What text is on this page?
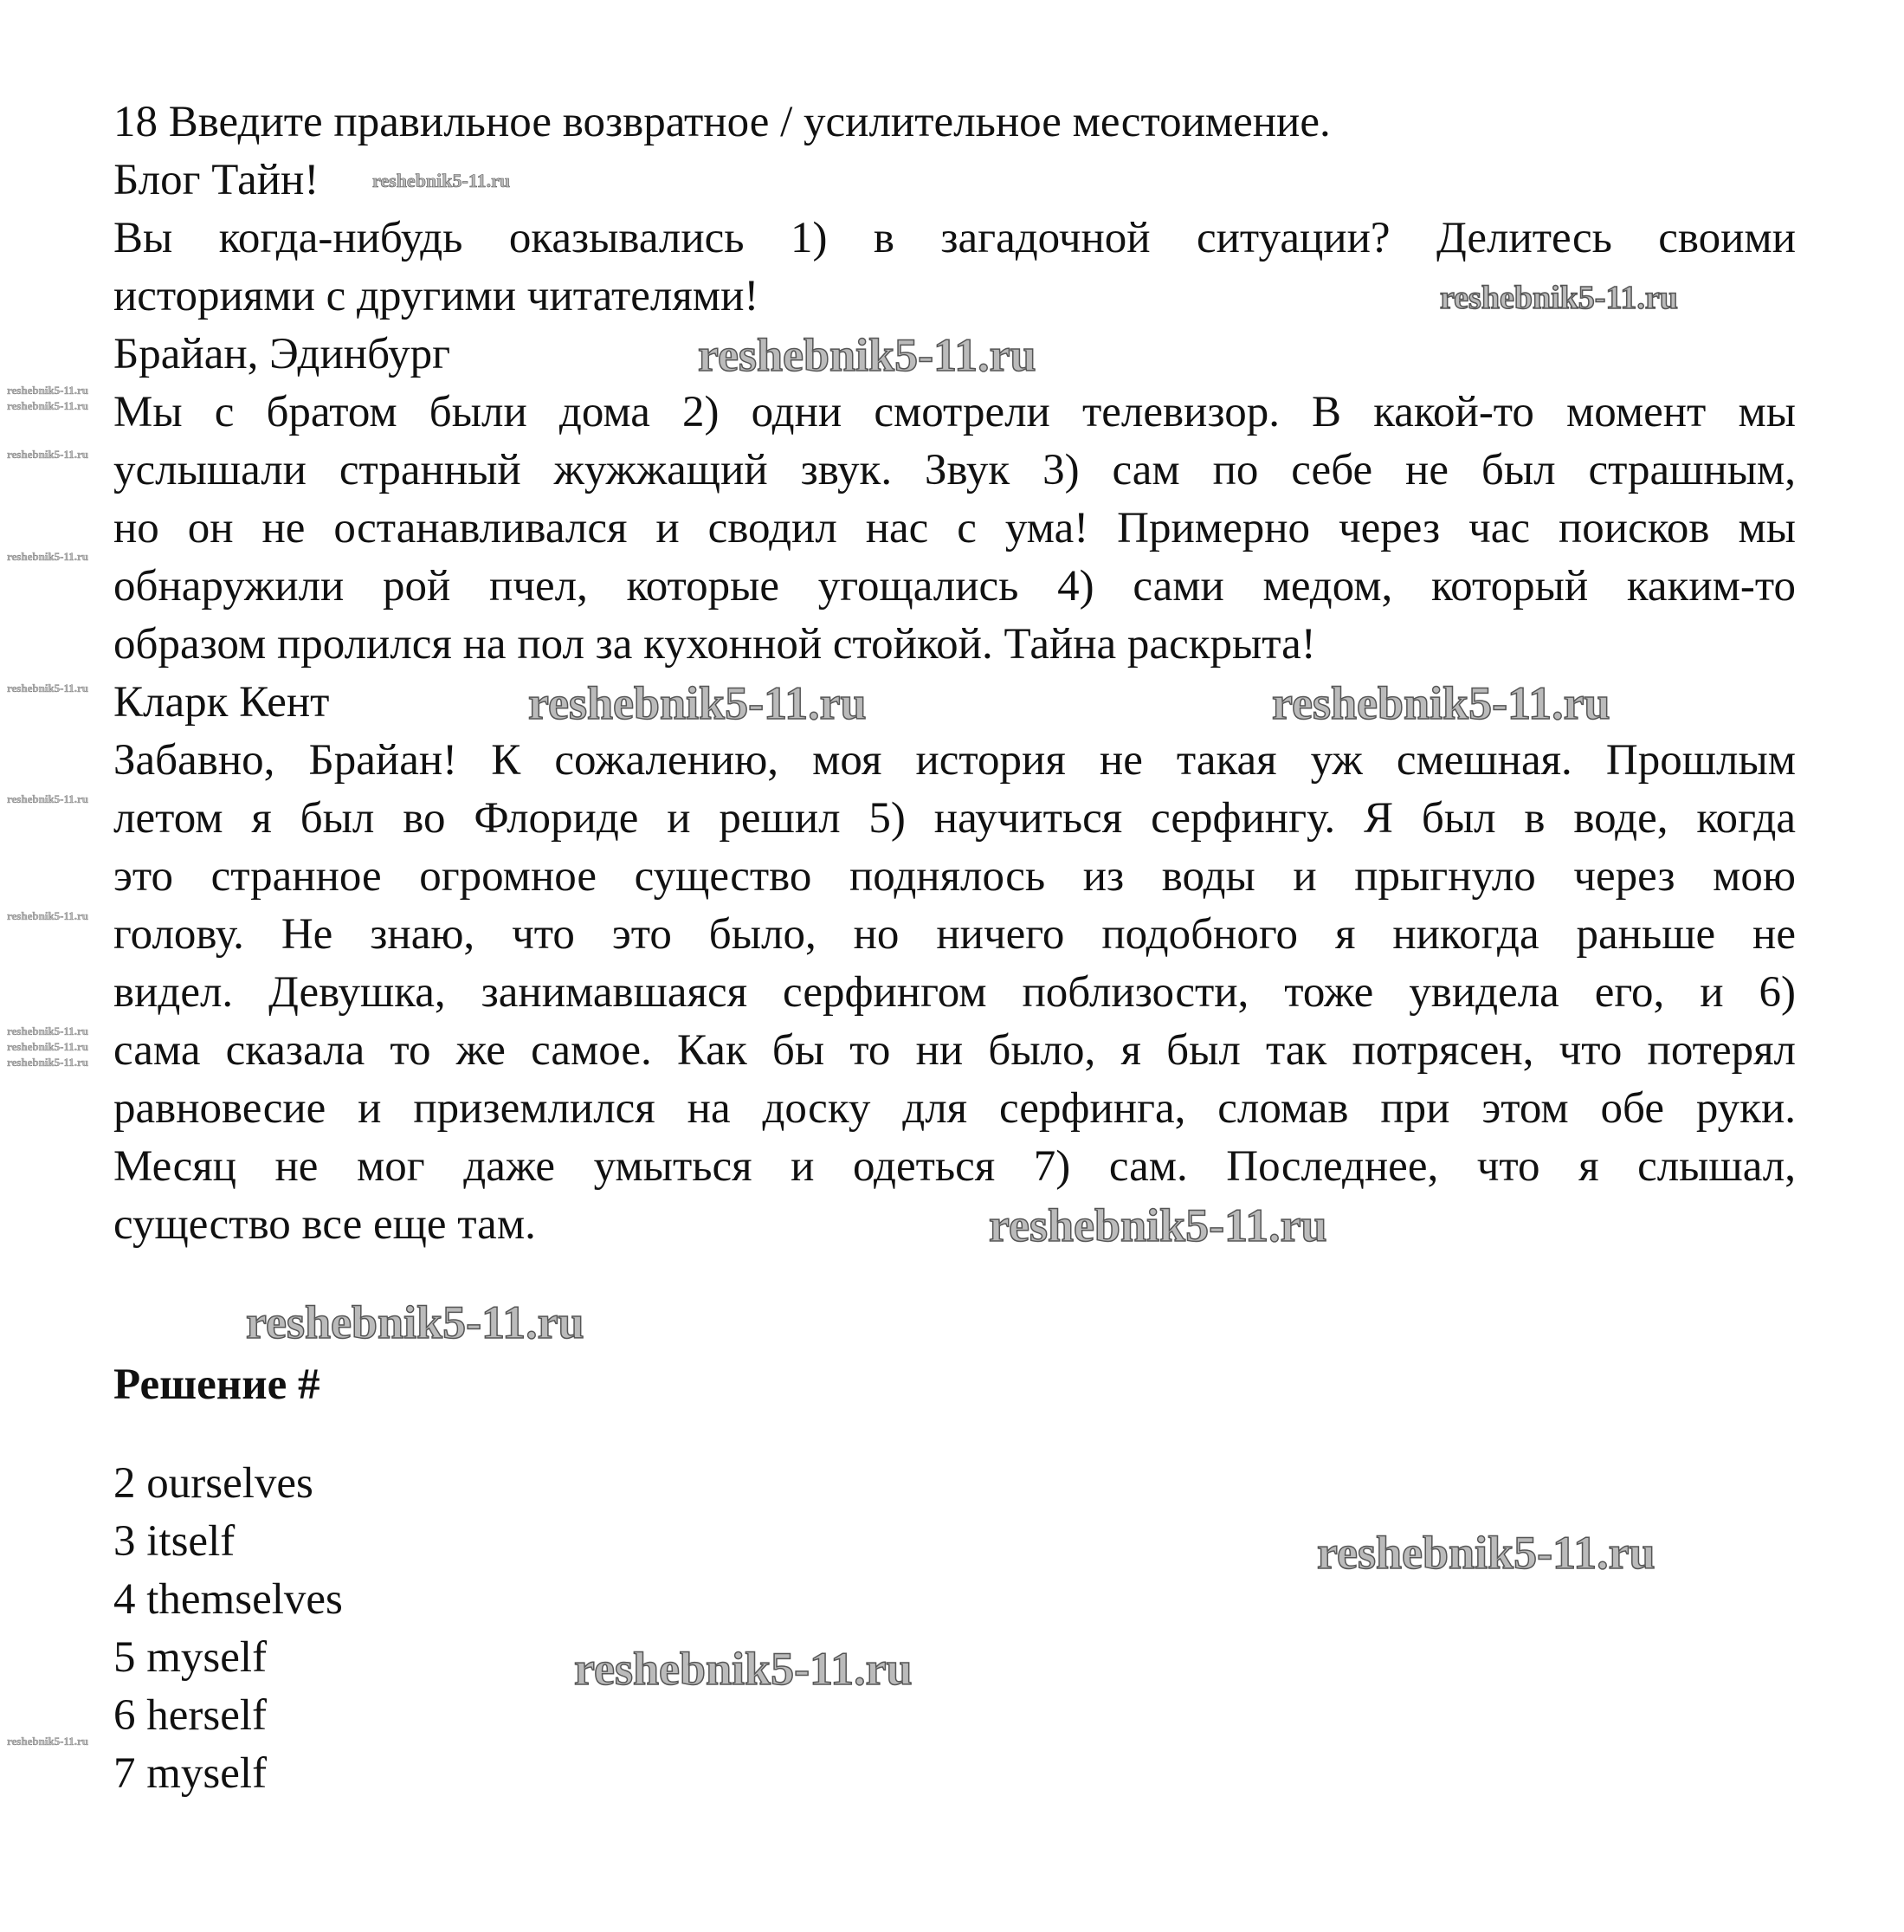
18 Введите правильное возвратное / усилительное местоимение.
Блог Тайн!
Вы когда-нибудь оказывались 1) в загадочной ситуации? Делитесь своими
историями с другими читателями!
Брайан, Эдинбург
Мы с братом были дома 2) одни смотрели телевизор. В какой-то момент мы
услышали странный жужжащий звук. Звук 3) сам по себе не был страшным,
но он не останавливался и сводил нас с ума! Примерно через час поисков мы
обнаружили рой пчел, которые угощались 4) сами медом, который каким-то
образом пролился на пол за кухонной стойкой. Тайна раскрыта!
Кларк Кент
Забавно, Брайан! К сожалению, моя история не такая уж смешная. Прошлым
летом я был во Флориде и решил 5) научиться серфингу. Я был в воде, когда
это странное огромное существо поднялось из воды и прыгнуло через мою
голову. Не знаю, что это было, но ничего подобного я никогда раньше не
видел. Девушка, занимавшаяся серфингом поблизости, тоже увидела его, и 6)
сама сказала то же самое. Как бы то ни было, я был так потрясен, что потерял
равновесие и приземлился на доску для серфинга, сломав при этом обе руки.
Месяц не мог даже умыться и одеться 7) сам. Последнее, что я слышал,
существо все еще там.
Решение #
2 ourselves
3 itself
4 themselves
5 myself
6 herself
7 myself
reshebnik5-11.ru
reshebnik5-11.ru
reshebnik5-11.ru	reshebnik5-11.ru
reshebnik5-11.ru
reshebnik5-11.ru
reshebnik5-11.ru
reshebnik5-11.ru
reshebnik5-11.ru
reshebnik5-11.ru
reshebnik5-11.ru
reshebnik5-11.ru
reshebnik5-11.ru
reshebnik5-11.ru
reshebnik5-11.ru
reshebnik5-11.ru
reshebnik5-11.ru
reshebnik5-11.ru
reshebnik5-11.ru
reshebnik5-11.ru
